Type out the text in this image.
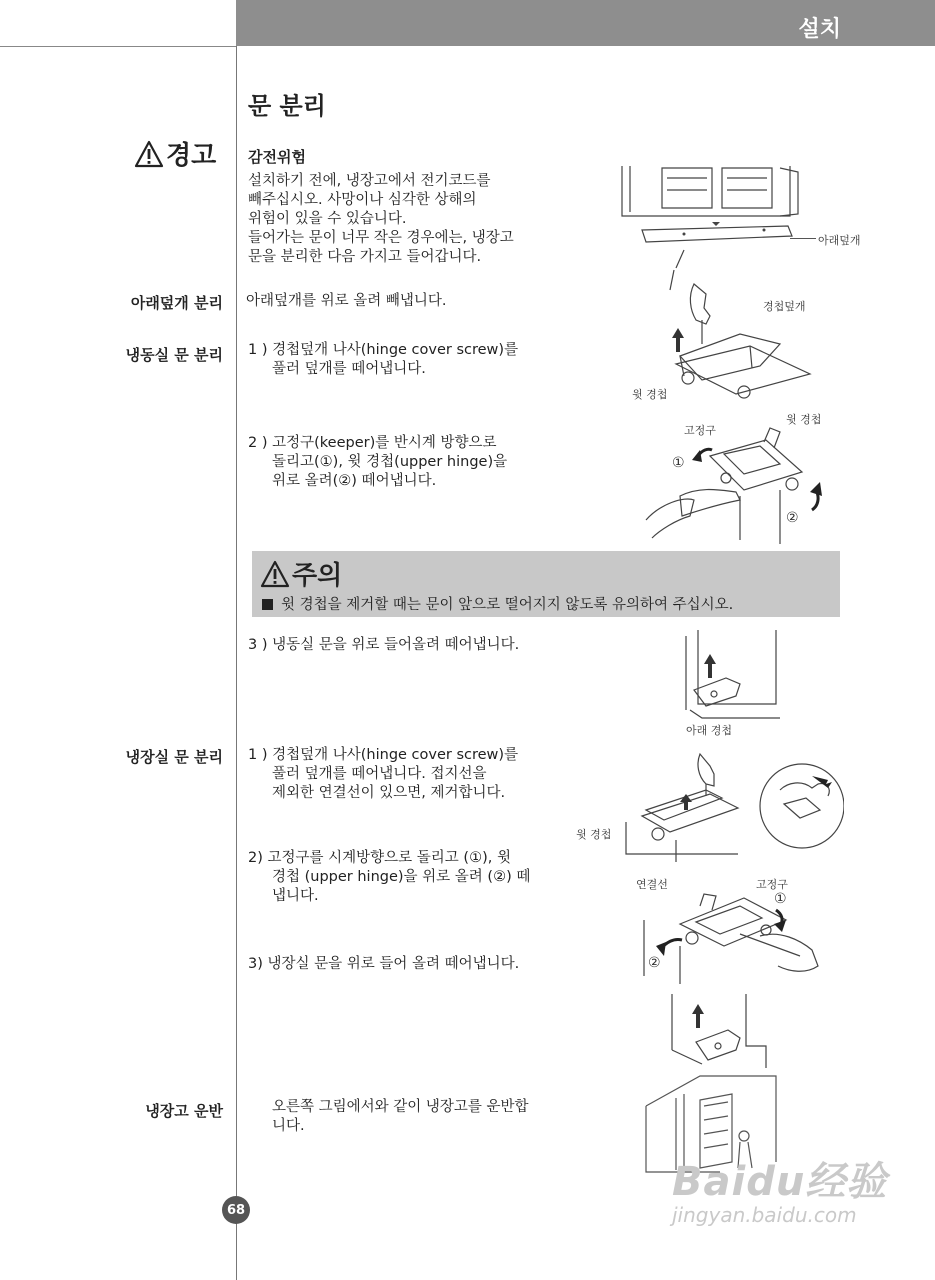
설치
문 분리
경고 감전위험
설치하기 전에, 냉장고에서 전기코드를
빼주십시오. 사망이나 심각한 상해의
위험이 있을 수 있습니다.
들어가는 문이 너무 작은 경우에는, 냉장고
문을 분리한 다음 가지고 들어갑니다.
아래덮개 분리 아래덮개를 위로 올려 빼냅니다.
냉동실 문 분리 1 ) 경첩덮개 나사(hinge cover screw)를
풀러 덮개를 떼어냅니다.
2 ) 고정구(keeper)를 반시계 방향으로
돌리고(①), 윗 경첩(upper hinge)을
위로 올려(②) 떼어냅니다.
주의
윗 경첩을 제거할 때는 문이 앞으로 떨어지지 않도록 유의하여 주십시오.
3 ) 냉동실 문을 위로 들어올려 떼어냅니다.
냉장실 문 분리 1 ) 경첩덮개 나사(hinge cover screw)를
풀러 덮개를 떼어냅니다. 접지선을
제외한 연결선이 있으면, 제거합니다.
2) 고정구를 시계방향으로 돌리고 (①), 윗
경첩 (upper hinge)을 위로 올려 (②) 떼
냅니다.
3) 냉장실 문을 위로 들어 올려 떼어냅니다.
냉장고 운반	오른쪽 그림에서와 같이 냉장고를 운반합
니다.
아래덮개
경첩덮개
윗 경첩
고정구
윗 경첩
①
②
아래 경첩
윗 경첩
연결선	고정구
①
②
68
Baidu经验
jingyan.baidu.com
